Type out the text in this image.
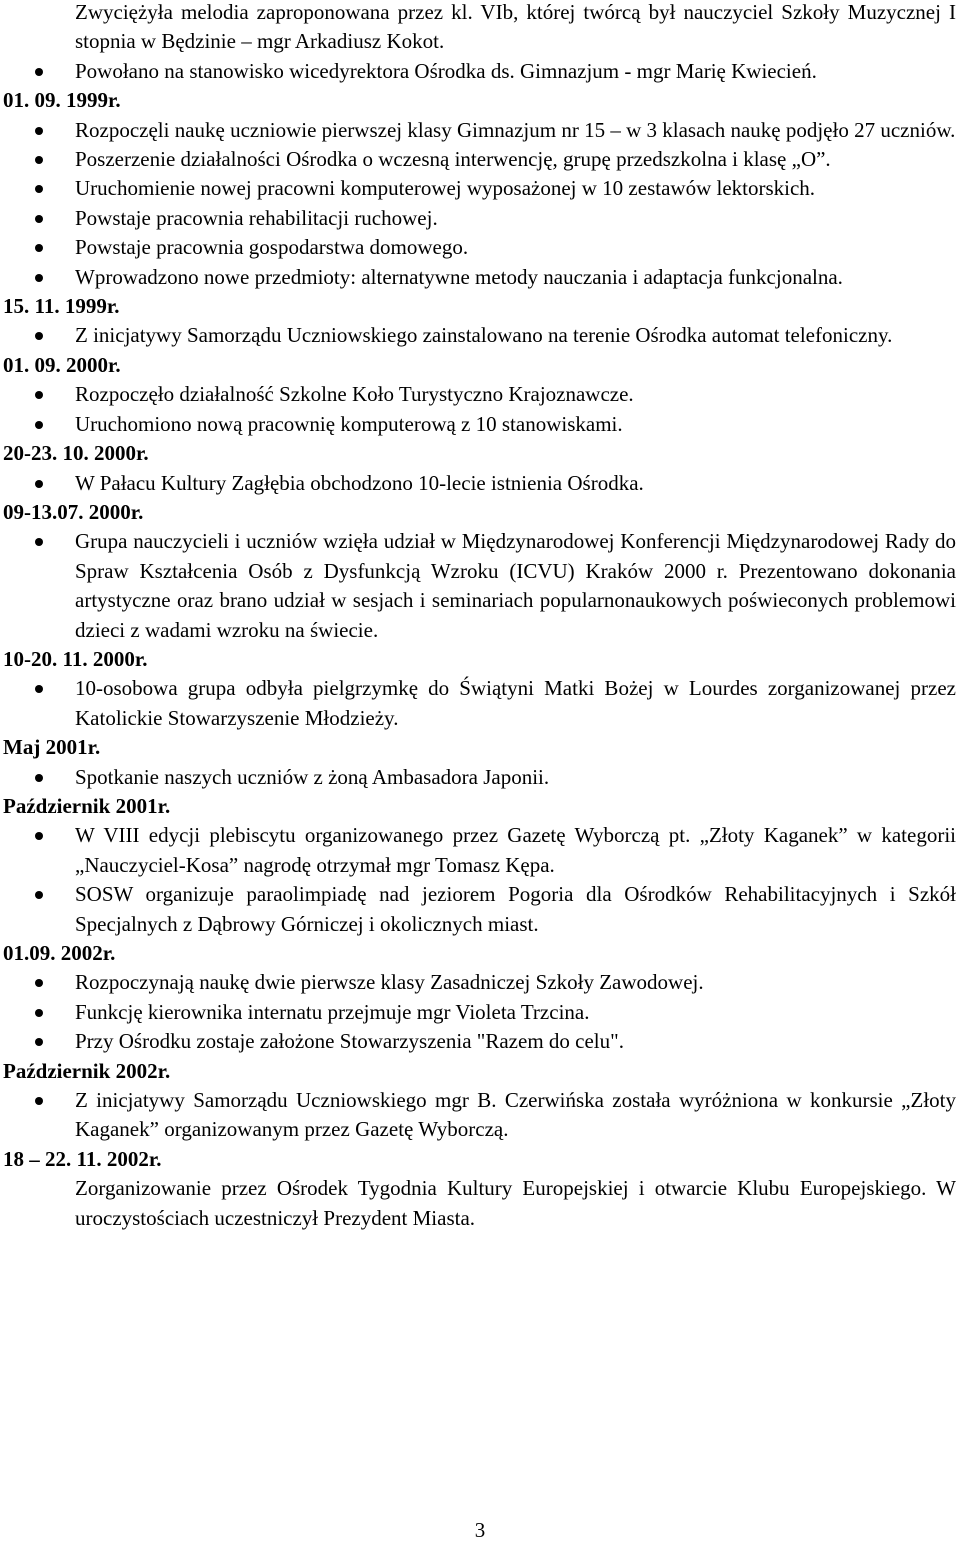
Zwyciężyła melodia zaproponowana przez kl. VIb, której twórcą był nauczyciel Szkoły Muzycznej I stopnia w Będzinie – mgr Arkadiusz Kokot.

Powołano na stanowisko wicedyrektora Ośrodka ds. Gimnazjum - mgr Marię Kwiecień.

01. 09. 1999r.

Rozpoczęli naukę uczniowie pierwszej klasy Gimnazjum nr 15 – w 3 klasach naukę podjęło 27 uczniów.

Poszerzenie działalności Ośrodka o wczesną interwencję, grupę przedszkolna i klasę „O”.

Uruchomienie nowej pracowni komputerowej wyposażonej w 10 zestawów lektorskich.

Powstaje pracownia rehabilitacji ruchowej.

Powstaje pracownia gospodarstwa domowego.

Wprowadzono nowe przedmioty: alternatywne metody nauczania i adaptacja funkcjonalna.

15. 11. 1999r.

Z inicjatywy Samorządu Uczniowskiego zainstalowano na terenie Ośrodka automat telefoniczny.

01. 09. 2000r.

Rozpoczęło działalność Szkolne Koło Turystyczno Krajoznawcze.

Uruchomiono nową pracownię komputerową z 10 stanowiskami.

20-23. 10. 2000r.

W Pałacu Kultury Zagłębia obchodzono 10-lecie istnienia Ośrodka.

09-13.07. 2000r.

Grupa nauczycieli i uczniów wzięła udział w Międzynarodowej Konferencji Międzynarodowej Rady do Spraw Kształcenia Osób z Dysfunkcją Wzroku (ICVU) Kraków 2000 r. Prezentowano dokonania artystyczne oraz brano udział w sesjach i seminariach popularnonaukowych poświeconych problemowi dzieci z wadami wzroku na świecie.

10-20. 11. 2000r.

10-osobowa grupa odbyła pielgrzymkę do Świątyni Matki Bożej w Lourdes zorganizowanej przez Katolickie Stowarzyszenie Młodzieży.

Maj 2001r.

Spotkanie naszych uczniów z żoną Ambasadora Japonii.

Październik 2001r.

W VIII edycji plebiscytu organizowanego przez Gazetę Wyborczą pt. „Złoty Kaganek” w kategorii „Nauczyciel-Kosa” nagrodę otrzymał mgr Tomasz Kępa.

SOSW organizuje paraolimpiadę nad jeziorem Pogoria dla Ośrodków Rehabilitacyjnych i Szkół Specjalnych z Dąbrowy Górniczej i okolicznych miast.

01.09. 2002r.

Rozpoczynają naukę dwie pierwsze klasy Zasadniczej Szkoły Zawodowej.

Funkcję kierownika internatu przejmuje mgr Violeta Trzcina.

Przy Ośrodku zostaje założone Stowarzyszenia "Razem do celu".

Październik 2002r.

Z inicjatywy Samorządu Uczniowskiego mgr B. Czerwińska została wyróżniona w konkursie „Złoty Kaganek” organizowanym przez Gazetę Wyborczą.

18 – 22. 11. 2002r.

Zorganizowanie przez Ośrodek Tygodnia Kultury Europejskiej i otwarcie Klubu Europejskiego. W uroczystościach uczestniczył Prezydent Miasta.

3
